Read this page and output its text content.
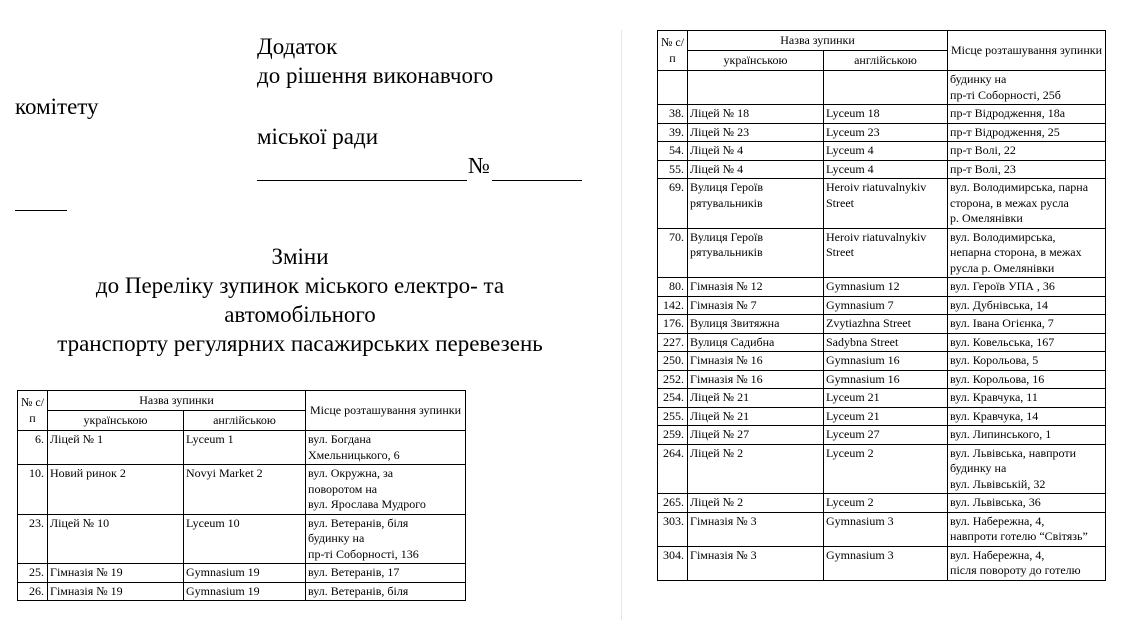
Додаток
до рішення виконавчого
комітету
міської ради
№
Зміни
до Переліку зупинок міського електро- та
автомобільного
транспорту регулярних пасажирських перевезень
№ с/п	Назва зупинки		Місце розташування зупинки
	українською	англійською	
6.	Ліцей № 1	Lyceum 1	вул. Богдана
Хмельницького, 6

10.	Новий ринок 2	Novyi Market 2	вул. Окружна, за
поворотом на
вул. Ярослава Мудрого

23.	Ліцей № 10	Lyceum 10	вул. Ветеранів, біля
будинку на
пр-ті Соборності, 136

25.	Гімназія № 19	Gymnasium 19	вул. Ветеранів, 17

26.	Гімназія № 19	Gymnasium 19	вул. Ветеранів, біля
№ с/п	Назва зупинки		Місце розташування зупинки
	українською	англійською	

			будинку на
пр-ті Соборності, 25б

38.	Ліцей № 18	Lyceum 18	пр-т Відродження, 18а

39.	Ліцей № 23	Lyceum 23	пр-т Відродження, 25

54.	Ліцей № 4	Lyceum 4	пр-т Волі, 22

55.	Ліцей № 4	Lyceum 4	пр-т Волі, 23

69.	Вулиця Героїв рятувальників	Heroiv riatuvalnykiv Street	вул. Володимирська, парна
сторона, в межах русла
р. Омелянівки

70.	Вулиця Героїв рятувальників	Heroiv riatuvalnykiv Street	вул. Володимирська,
непарна сторона, в межах
русла р. Омелянівки

80.	Гімназія № 12	Gymnasium 12	вул. Героїв УПА , 36

142.	Гімназія № 7	Gymnasium 7	вул. Дубнівська, 14

176.	Вулиця Звитяжна	Zvytiazhna Street	вул. Івана Огієнка, 7

227.	Вулиця Садибна	Sadybna Street	вул. Ковельська, 167

250.	Гімназія № 16	Gymnasium 16	вул. Корольова, 5

252.	Гімназія № 16	Gymnasium 16	вул. Корольова, 16

254.	Ліцей № 21	Lyceum 21	вул. Кравчука, 11

255.	Ліцей № 21	Lyceum 21	вул. Кравчука, 14

259.	Ліцей № 27	Lyceum 27	вул. Липинського, 1

264.	Ліцей № 2	Lyceum 2	вул. Львівська, навпроти
будинку на
вул. Львівській, 32

265.	Ліцей № 2	Lyceum 2	вул. Львівська, 36

303.	Гімназія № 3	Gymnasium 3	вул. Набережна, 4,
навпроти готелю “Світязь”

304.	Гімназія № 3	Gymnasium 3	вул. Набережна, 4,
після повороту до готелю
